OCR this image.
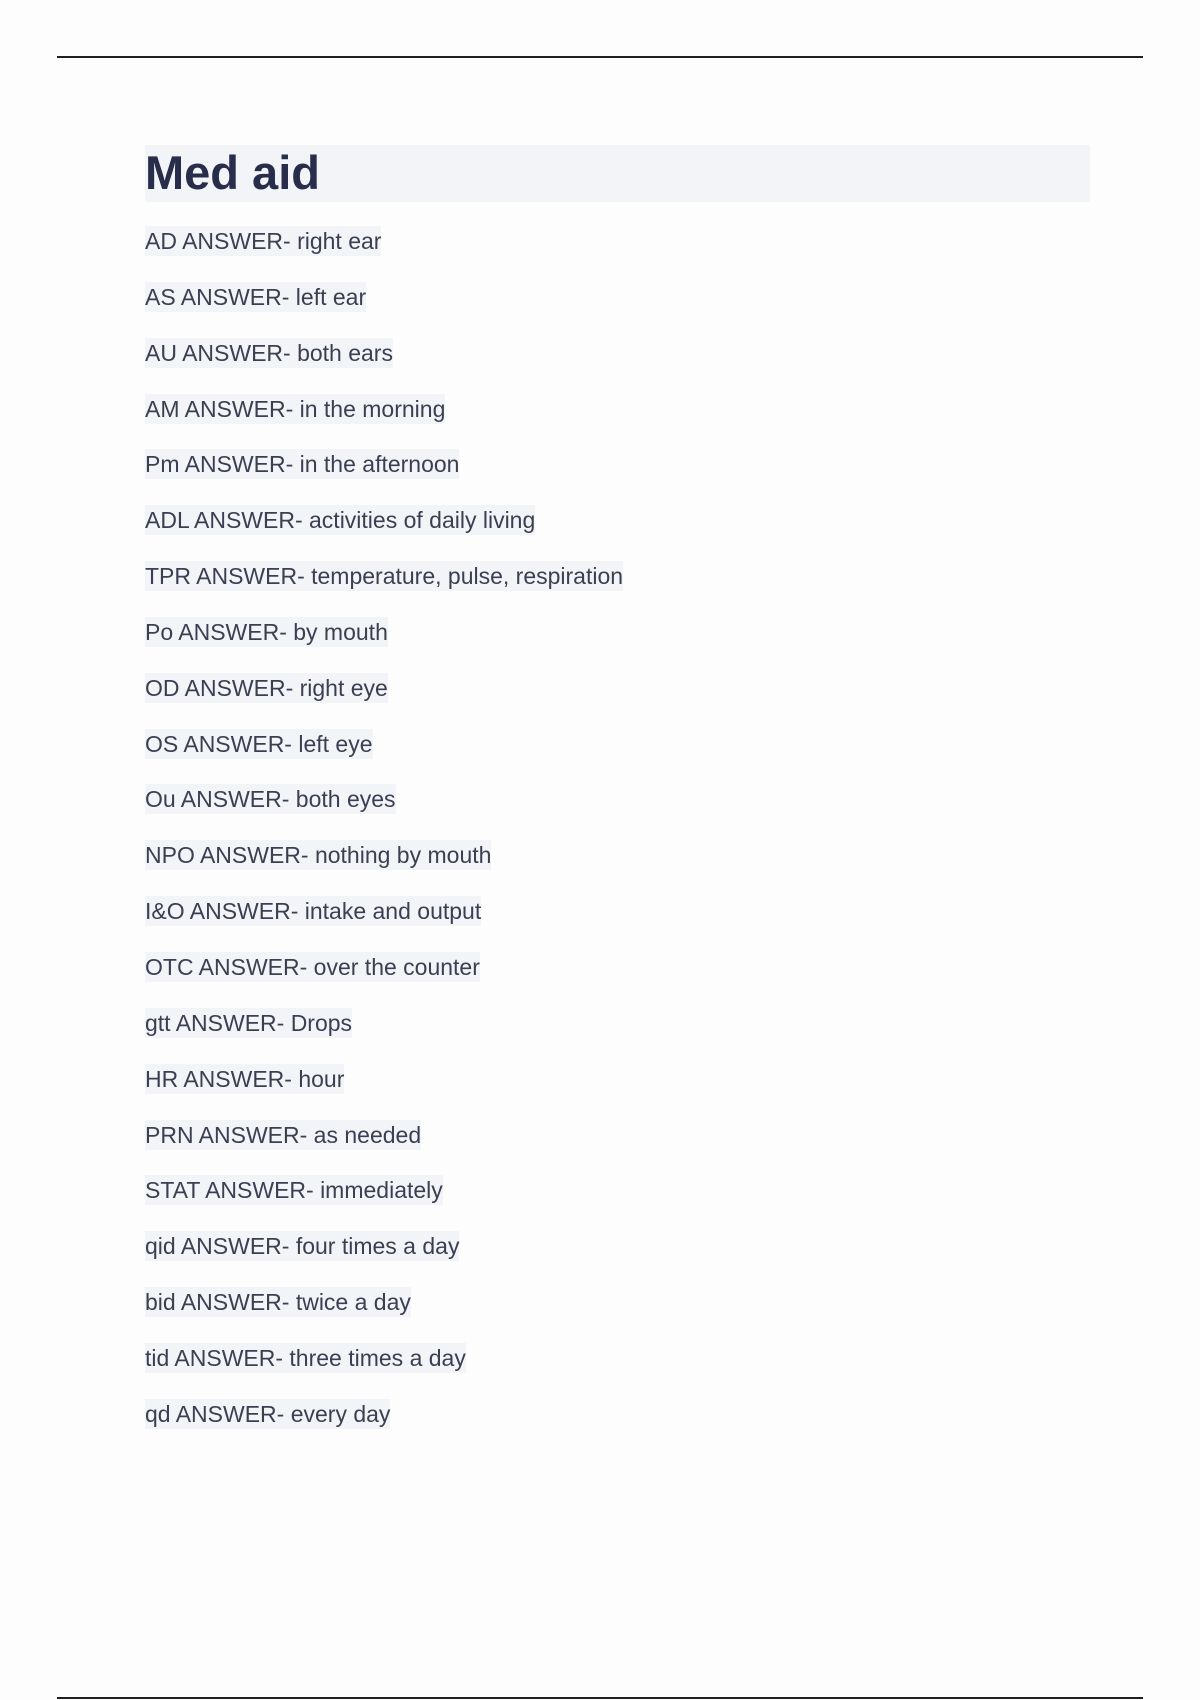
Med aid
AD ANSWER- right ear
AS ANSWER- left ear
AU ANSWER- both ears
AM ANSWER- in the morning
Pm ANSWER- in the afternoon
ADL ANSWER- activities of daily living
TPR ANSWER- temperature, pulse, respiration
Po ANSWER- by mouth
OD ANSWER- right eye
OS ANSWER- left eye
Ou ANSWER- both eyes
NPO ANSWER- nothing by mouth
I&O ANSWER- intake and output
OTC ANSWER- over the counter
gtt ANSWER- Drops
HR ANSWER- hour
PRN ANSWER- as needed
STAT ANSWER- immediately
qid ANSWER- four times a day
bid ANSWER- twice a day
tid ANSWER- three times a day
qd ANSWER- every day
